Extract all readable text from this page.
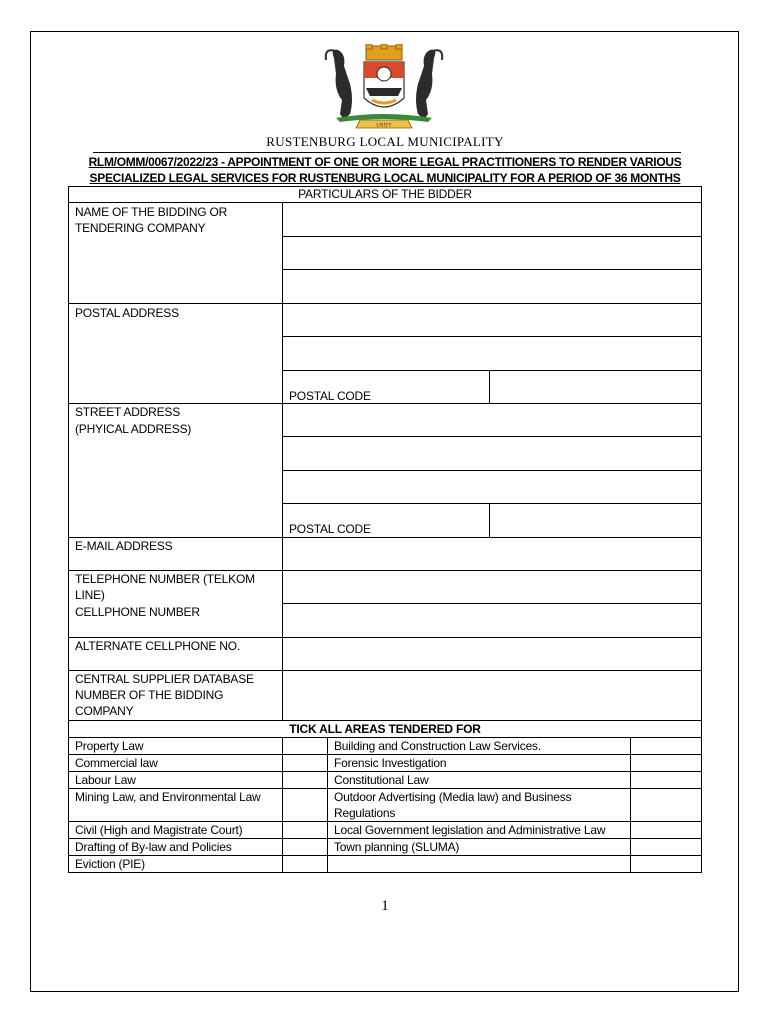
UNITY
RUSTENBURG LOCAL MUNICIPALITY
RLM/OMM/0067/2022/23 - APPOINTMENT OF ONE OR MORE LEGAL PRACTITIONERS TO RENDER VARIOUS
SPECIALIZED LEGAL SERVICES FOR RUSTENBURG LOCAL MUNICIPALITY FOR A PERIOD OF 36 MONTHS
PARTICULARS OF THE BIDDER
NAME OF THE BIDDING OR
TENDERING COMPANY
POSTAL ADDRESS
POSTAL CODE
STREET ADDRESS
(PHYICAL ADDRESS)
POSTAL CODE
E-MAIL ADDRESS
TELEPHONE NUMBER (TELKOM
LINE)
CELLPHONE NUMBER
ALTERNATE CELLPHONE NO.
CENTRAL SUPPLIER DATABASE
NUMBER OF THE BIDDING
COMPANY
TICK ALL AREAS TENDERED FOR
Property Law
Commercial law
Labour Law
Mining Law, and Environmental Law
Civil (High and Magistrate Court)
Drafting of By-law and Policies
Eviction (PIE)
Building and Construction Law Services.
Forensic Investigation
Constitutional Law
Outdoor Advertising (Media law) and Business
Regulations
Local Government legislation and Administrative Law
Town planning (SLUMA)
1
